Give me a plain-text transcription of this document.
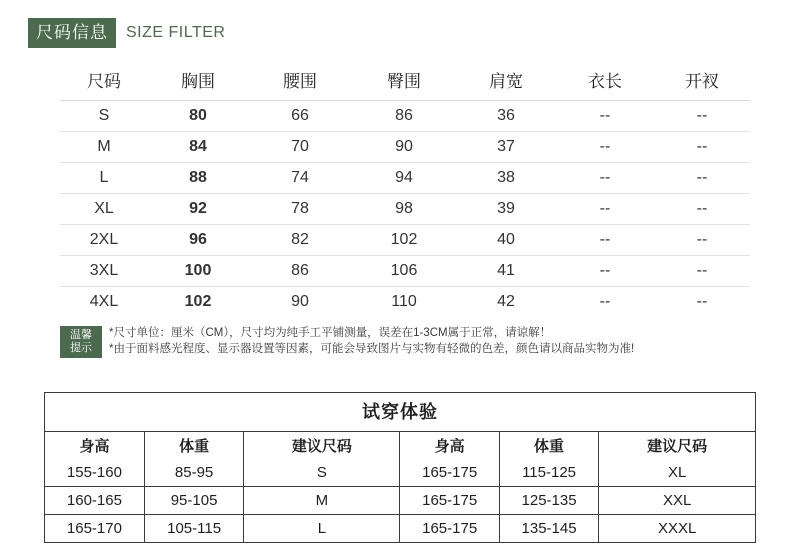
尺码信息	SIZE FILTER
尺码	胸围	腰围	臀围	肩宽	衣长	开衩
S	80	66	86	36	--	--
M	84	70	90	37	--	--
L	88	74	94	38	--	--
XL	92	78	98	39	--	--
2XL	96	82	102	40	--	--
3XL	100	86	106	41	--	--
4XL	102	90	110	42	--	--
温馨
提示
*尺寸单位：厘米（CM），尺寸均为纯手工平铺测量，误差在1-3CM属于正常，请谅解！
*由于面料感光程度、显示器设置等因素，可能会导致图片与实物有轻微的色差，颜色请以商品实物为准!
试穿体验
身高	体重	建议尺码	身高	体重	建议尺码
155-160	85-95	S	165-175	115-125	XL
160-165	95-105	M	165-175	125-135	XXL
165-170	105-115	L	165-175	135-145	XXXL
